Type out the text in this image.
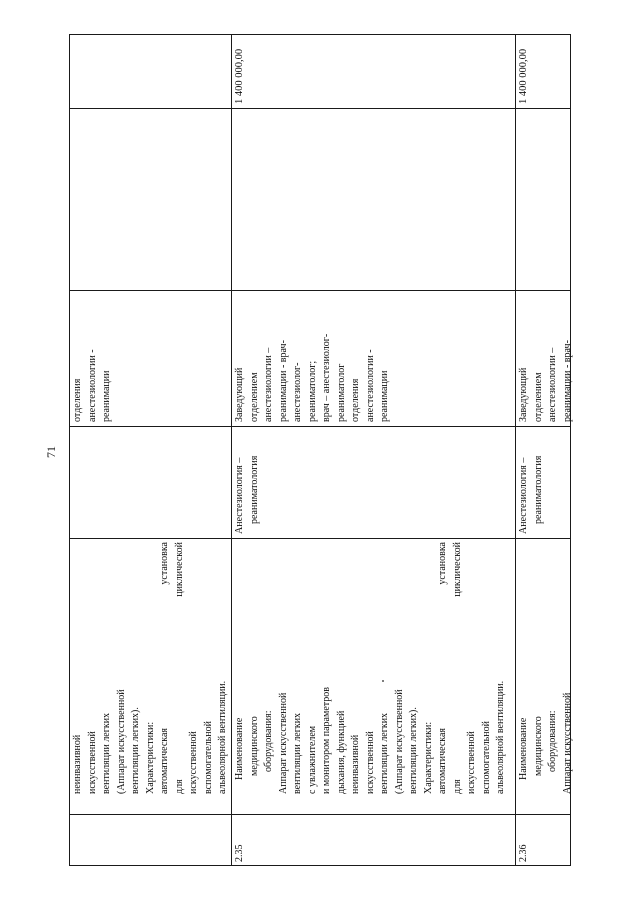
71
неинвазивной искусственной вентиляции легких (Аппарат искусственной вентиляции легких). Характеристики: автоматическая установка для циклической искусственной вспомогательной альвеолярной вентиляции.
отделения анестезиологии - реанимации
2.35
Наименование медицинского оборудования: Аппарат искусственной вентиляции легких с увлажнителем и монитором параметров дыхания, функцией неинвазивной искусственной вентиляции легких (Аппарат искусственной вентиляции легких). Характеристики: автоматическая установка для циклической искусственной вспомогательной альвеолярной вентиляции.
Анестезиология – реаниматология
Заведующий отделением анестезиологии – реанимации - врач- анестезиолог- реаниматолог; врач – анестезиолог- реаниматолог отделения анестезиологии - реанимации
1 400 000,00
2.36
Наименование медицинского оборудования: Аппарат искусственной
Анестезиология – реаниматология
Заведующий отделением анестезиологии – реанимации - врач-
1 400 000,00
